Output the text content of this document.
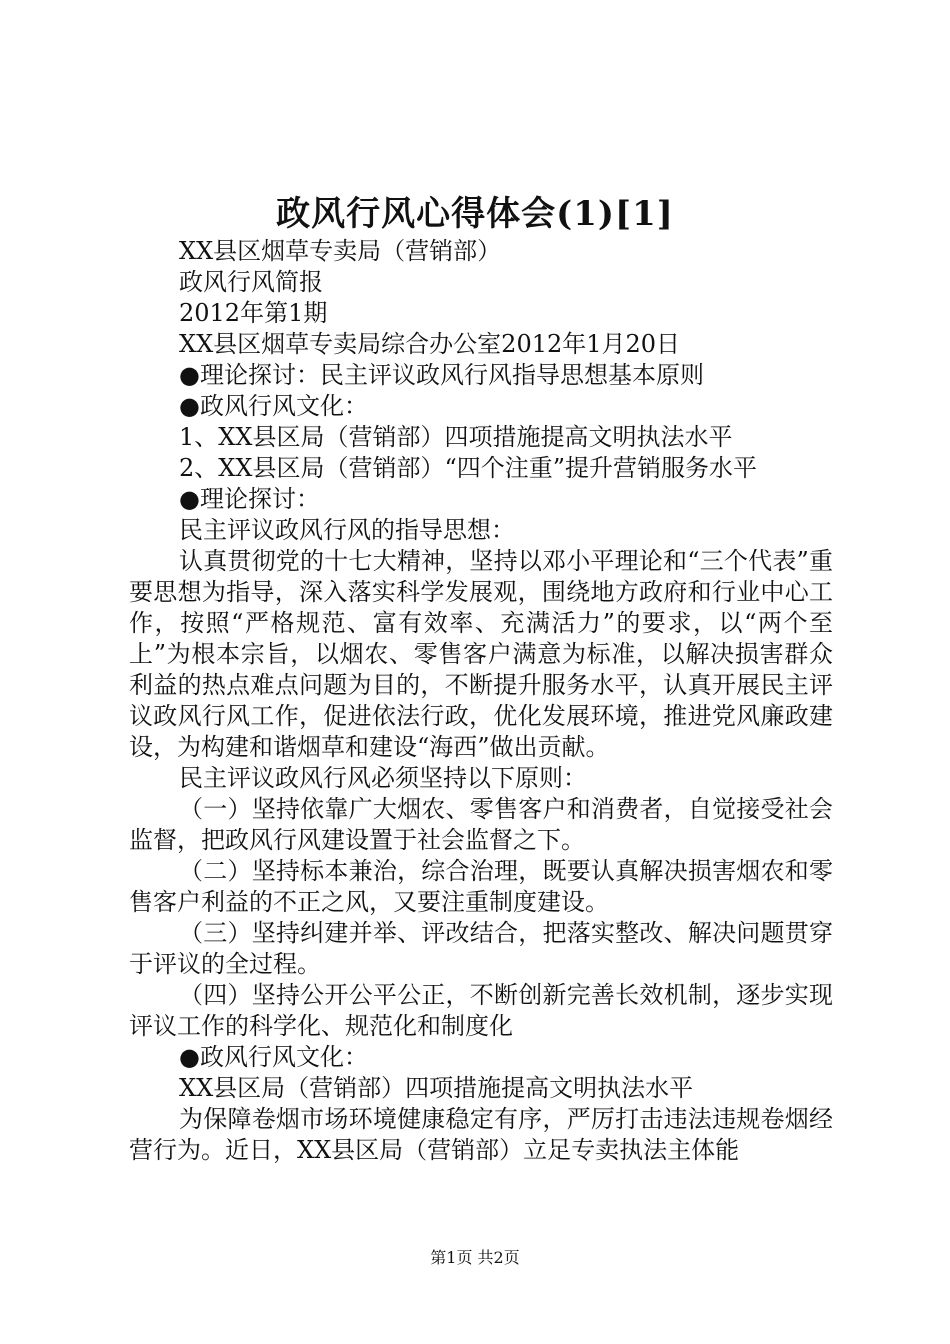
政风行风心得体会(1)[1]

XX县区烟草专卖局（营销部）

政风行风简报

2012年第1期

XX县区烟草专卖局综合办公室2012年1月20日

●理论探讨：民主评议政风行风指导思想基本原则

●政风行风文化：

1、XX县区局（营销部）四项措施提高文明执法水平

2、XX县区局（营销部）“四个注重”提升营销服务水平

●理论探讨：

民主评议政风行风的指导思想：

认真贯彻党的十七大精神，坚持以邓小平理论和“三个代表”重要思想为指导，深入落实科学发展观，围绕地方政府和行业中心工作，按照“严格规范、富有效率、充满活力”的要求，以“两个至上”为根本宗旨，以烟农、零售客户满意为标准，以解决损害群众利益的热点难点问题为目的，不断提升服务水平，认真开展民主评议政风行风工作，促进依法行政，优化发展环境，推进党风廉政建设，为构建和谐烟草和建设“海西”做出贡献。

民主评议政风行风必须坚持以下原则：

（一）坚持依靠广大烟农、零售客户和消费者，自觉接受社会监督，把政风行风建设置于社会监督之下。

（二）坚持标本兼治，综合治理，既要认真解决损害烟农和零售客户利益的不正之风，又要注重制度建设。

（三）坚持纠建并举、评改结合，把落实整改、解决问题贯穿于评议的全过程。

（四）坚持公开公平公正，不断创新完善长效机制，逐步实现评议工作的科学化、规范化和制度化

●政风行风文化：

XX县区局（营销部）四项措施提高文明执法水平

为保障卷烟市场环境健康稳定有序，严厉打击违法违规卷烟经营行为。近日，XX县区局（营销部）立足专卖执法主体能

第1页 共2页
